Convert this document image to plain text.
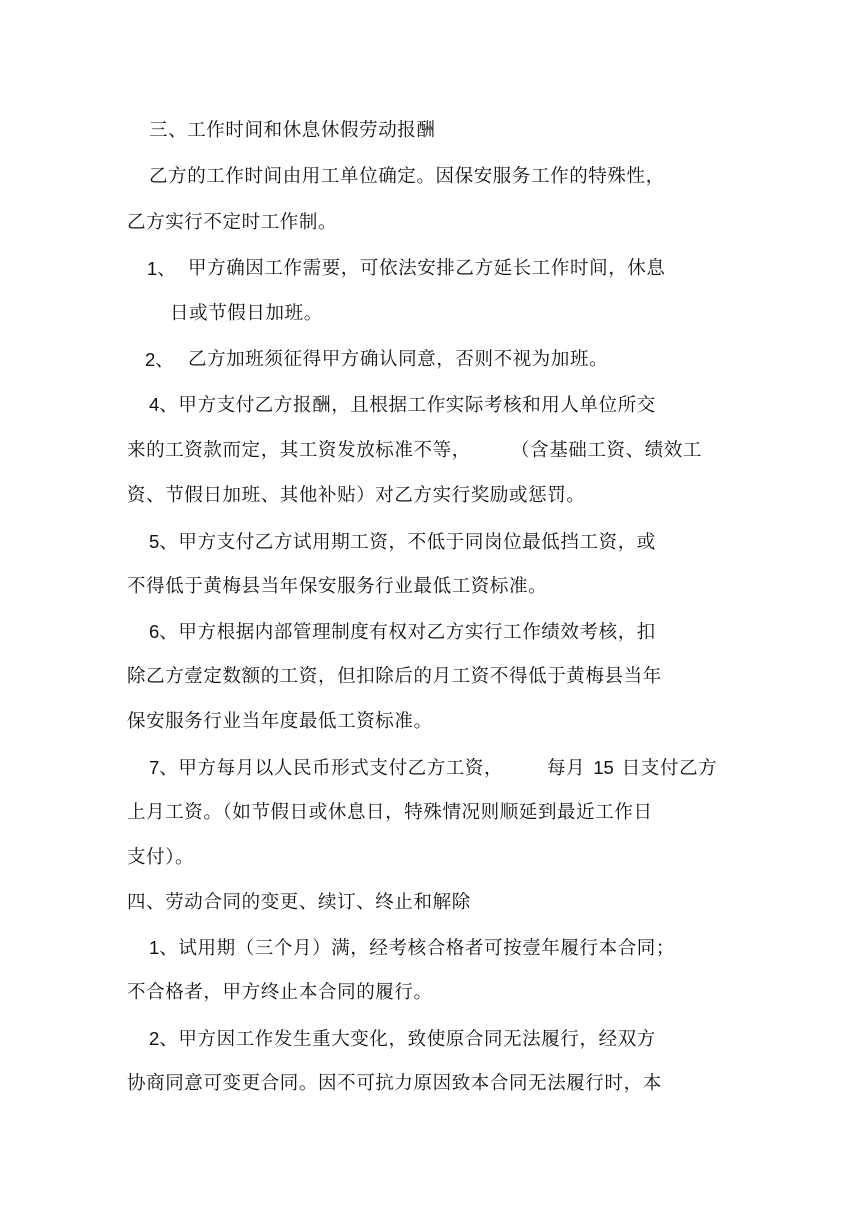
三、工作时间和休息休假劳动报酬
乙方的工作时间由用工单位确定。因保安服务工作的特殊性，
乙方实行不定时工作制。
1、 甲方确因工作需要，可依法安排乙方延长工作时间，休息
日或节假日加班。
2、 乙方加班须征得甲方确认同意，否则不视为加班。
4、甲方支付乙方报酬，且根据工作实际考核和用人单位所交
来的工资款而定，其工资发放标准不等， （含基础工资、绩效工
资、节假日加班、其他补贴）对乙方实行奖励或惩罚。
5、甲方支付乙方试用期工资，不低于同岗位最低挡工资，或
不得低于黄梅县当年保安服务行业最低工资标准。
6、甲方根据内部管理制度有权对乙方实行工作绩效考核，扣
除乙方壹定数额的工资，但扣除后的月工资不得低于黄梅县当年
保安服务行业当年度最低工资标准。
7、甲方每月以人民币形式支付乙方工资， 每月 15 日支付乙方
上月工资。（如节假日或休息日，特殊情况则顺延到最近工作日
支付）。
四、劳动合同的变更、续订、终止和解除
1、试用期（三个月）满，经考核合格者可按壹年履行本合同；
不合格者，甲方终止本合同的履行。
2、甲方因工作发生重大变化，致使原合同无法履行，经双方
协商同意可变更合同。因不可抗力原因致本合同无法履行时，本
